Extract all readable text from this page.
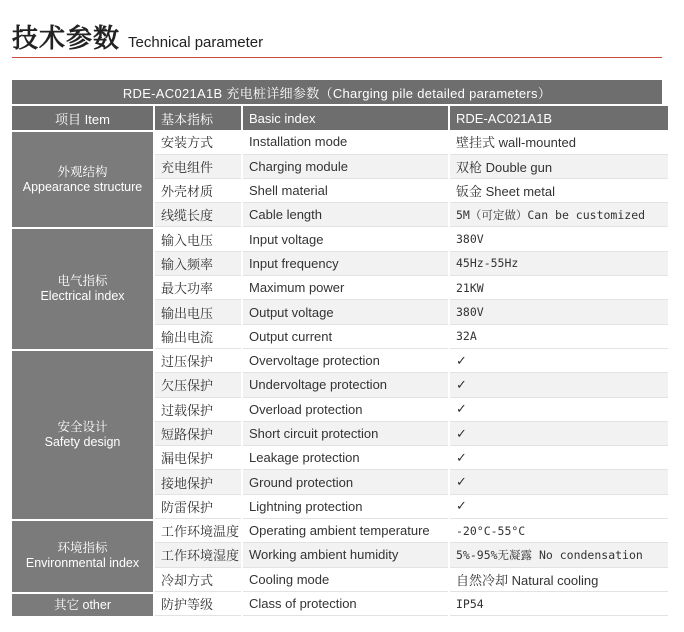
技术参数 Technical parameter
RDE-AC021A1B 充电桩详细参数（Charging pile detailed parameters）
项目 Item	基本指标	Basic index	RDE-AC021A1B
外观结构
Appearance structure
安装方式	Installation mode	壁挂式 wall-mounted
充电组件	Charging module	双枪 Double gun
外壳材质	Shell material	钣金 Sheet metal
线缆长度	Cable length	5M（可定做）Can be customized
电气指标
Electrical index
输入电压	Input voltage	380V
输入频率	Input frequency	45Hz-55Hz
最大功率	Maximum power	21KW
输出电压	Output voltage	380V
输出电流	Output current	32A
安全设计
Safety design
过压保护	Overvoltage protection	✓
欠压保护	Undervoltage protection	✓
过载保护	Overload protection	✓
短路保护	Short circuit protection	✓
漏电保护	Leakage protection	✓
接地保护	Ground protection	✓
防雷保护	Lightning protection	✓
环境指标
Environmental index
工作环境温度 Operating ambient temperature	-20°C-55°C
工作环境湿度 Working ambient humidity	5%-95%无凝露 No condensation
冷却方式	Cooling mode	自然冷却 Natural cooling
其它 other	防护等级	Class of protection	IP54
